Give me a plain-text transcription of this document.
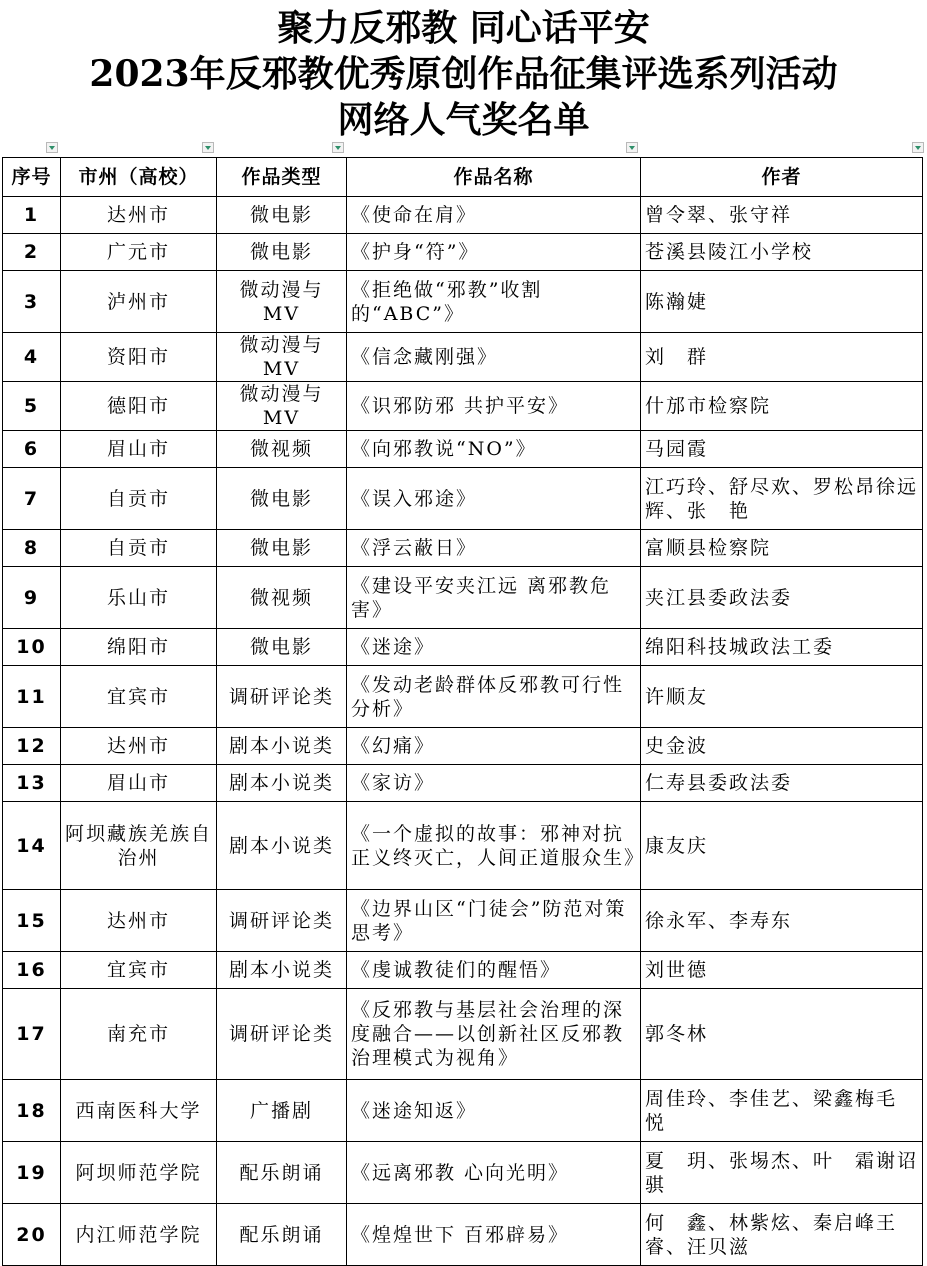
聚力反邪教 同心话平安
2023年反邪教优秀原创作品征集评选系列活动
网络人气奖名单
序号	市州（高校）	作品类型	作品名称	作者
1	达州市	微电影	《使命在肩》	曾令翠、张守祥
2	广元市	微电影	《护身“符”》	苍溪县陵江小学校
3	泸州市	微动漫与MV	《拒绝做“邪教”收割的“ABC”》	陈瀚婕
4	资阳市	微动漫与MV	《信念藏刚强》	刘　群
5	德阳市	微动漫与MV	《识邪防邪 共护平安》	什邡市检察院
6	眉山市	微视频	《向邪教说“NO”》	马园霞
7	自贡市	微电影	《误入邪途》	江巧玲、舒尽欢、罗松昂徐远辉、张　艳
8	自贡市	微电影	《浮云蔽日》	富顺县检察院
9	乐山市	微视频	《建设平安夹江远 离邪教危害》	夹江县委政法委
10	绵阳市	微电影	《迷途》	绵阳科技城政法工委
11	宜宾市	调研评论类	《发动老龄群体反邪教可行性分析》	许顺友
12	达州市	剧本小说类	《幻痛》	史金波
13	眉山市	剧本小说类	《家访》	仁寿县委政法委
14	阿坝藏族羌族自治州	剧本小说类	《一个虚拟的故事：邪神对抗正义终灭亡，人间正道服众生》	康友庆
15	达州市	调研评论类	《边界山区“门徒会”防范对策思考》	徐永军、李寿东
16	宜宾市	剧本小说类	《虔诚教徒们的醒悟》	刘世德
17	南充市	调研评论类	《反邪教与基层社会治理的深度融合——以创新社区反邪教治理模式为视角》	郭冬林
18	西南医科大学	广播剧	《迷途知返》	周佳玲、李佳艺、梁鑫梅毛　悦
19	阿坝师范学院	配乐朗诵	《远离邪教 心向光明》	夏　玥、张埸杰、叶　霜谢诏骐
20	内江师范学院	配乐朗诵	《煌煌世下 百邪辟易》	何　鑫、林紫炫、秦启峰王　睿、汪贝滋
